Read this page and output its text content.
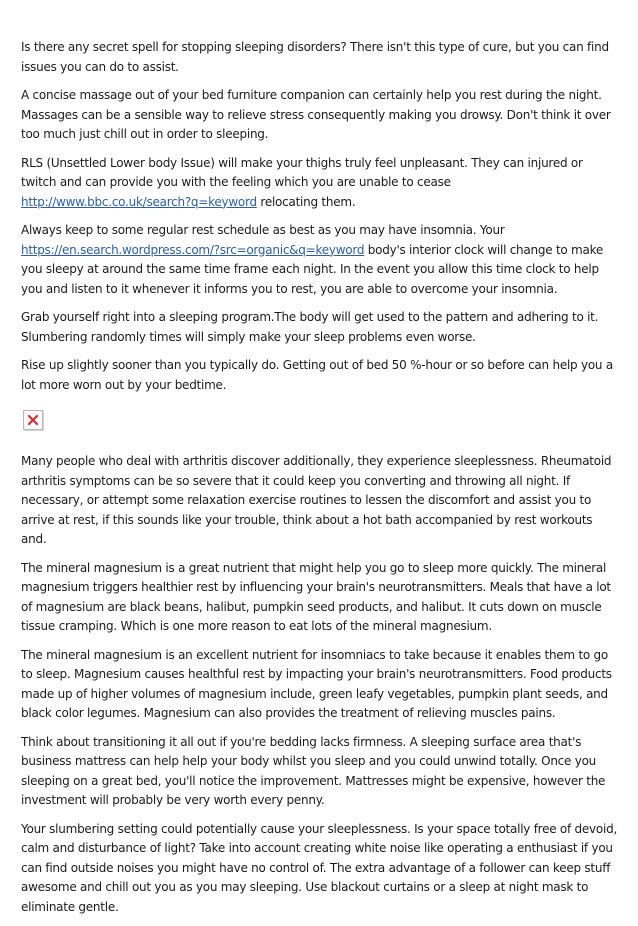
Is there any secret spell for stopping sleeping disorders? There isn't this type of cure, but you can find issues you can do to assist.

A concise massage out of your bed furniture companion can certainly help you rest during the night. Massages can be a sensible way to relieve stress consequently making you drowsy. Don't think it over too much just chill out in order to sleeping.

RLS (Unsettled Lower body Issue) will make your thighs truly feel unpleasant. They can injured or twitch and can provide you with the feeling which you are unable to cease http://www.bbc.co.uk/search?q=keyword relocating them.

Always keep to some regular rest schedule as best as you may have insomnia. Your https://en.search.wordpress.com/?src=organic&q=keyword body's interior clock will change to make you sleepy at around the same time frame each night. In the event you allow this time clock to help you and listen to it whenever it informs you to rest, you are able to overcome your insomnia.

Grab yourself right into a sleeping program.The body will get used to the pattern and adhering to it. Slumbering randomly times will simply make your sleep problems even worse.

Rise up slightly sooner than you typically do. Getting out of bed 50 %-hour or so before can help you a lot more worn out by your bedtime.

Many people who deal with arthritis discover additionally, they experience sleeplessness. Rheumatoid arthritis symptoms can be so severe that it could keep you converting and throwing all night. If necessary, or attempt some relaxation exercise routines to lessen the discomfort and assist you to arrive at rest, if this sounds like your trouble, think about a hot bath accompanied by rest workouts and.

The mineral magnesium is a great nutrient that might help you go to sleep more quickly. The mineral magnesium triggers healthier rest by influencing your brain's neurotransmitters. Meals that have a lot of magnesium are black beans, halibut, pumpkin seed products, and halibut. It cuts down on muscle tissue cramping. Which is one more reason to eat lots of the mineral magnesium.

The mineral magnesium is an excellent nutrient for insomniacs to take because it enables them to go to sleep. Magnesium causes healthful rest by impacting your brain's neurotransmitters. Food products made up of higher volumes of magnesium include, green leafy vegetables, pumpkin plant seeds, and black color legumes. Magnesium can also provides the treatment of relieving muscles pains.

Think about transitioning it all out if you're bedding lacks firmness. A sleeping surface area that's business mattress can help help your body whilst you sleep and you could unwind totally. Once you sleeping on a great bed, you'll notice the improvement. Mattresses might be expensive, however the investment will probably be very worth every penny.

Your slumbering setting could potentially cause your sleeplessness. Is your space totally free of devoid, calm and disturbance of light? Take into account creating white noise like operating a enthusiast if you can find outside noises you might have no control of. The extra advantage of a follower can keep stuff awesome and chill out you as you may sleeping. Use blackout curtains or a sleep at night mask to eliminate gentle.
